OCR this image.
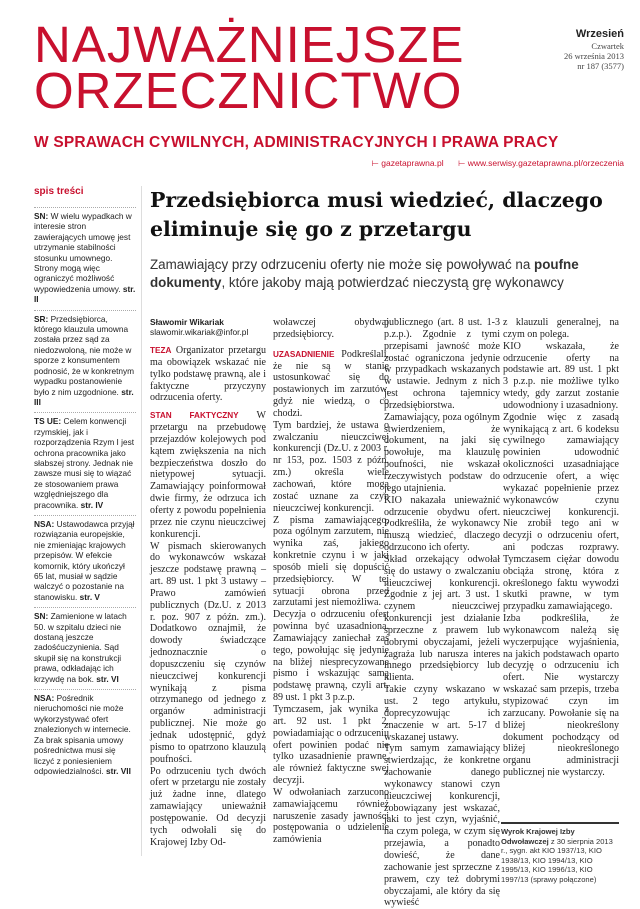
NAJWAŻNIEJSZE
ORZECZNICTWO
W SPRAWACH CYWILNYCH, ADMINISTRACYJNYCH I PRAWA PRACY
Wrzesień
Czwartek
26 września 2013
nr 187 (3577)
⊢ gazetaprawna.pl ⊢ www.serwisy.gazetaprawna.pl/orzeczenia
spis treści
SN: W wielu wypadkach w interesie stron zawierających umowę jest utrzymanie stabilności stosunku umownego. Strony mogą więc ograniczyć możliwość wypowiedzenia umowy. str. II
SR: Przedsiębiorca, którego klauzula umowna została przez sąd za niedozwoloną, nie może w sporze z konsumentem podnosić, że w konkretnym wypadku postanowienie było z nim uzgodnione. str. III
TS UE: Celem konwencji rzymskiej, jak i rozporządzenia Rzym I jest ochrona pracownika jako słabszej strony. Jednak nie zawsze musi się to wiązać ze stosowaniem prawa względniejszego dla pracownika. str. IV
NSA: Ustawodawca przyjął rozwiązania europejskie, nie zmieniając krajowych przepisów. W efekcie komornik, który ukończył 65 lat, musiał w sądzie walczyć o pozostanie na stanowisku. str. V
SN: Zamienione w latach 50. w szpitalu dzieci nie dostaną jeszcze zadośćuczynienia. Sąd skupił się na konstrukcji prawa, odkładając ich krzywdę na bok. str. VI
NSA: Pośrednik nieruchomości nie może wykorzystywać ofert znalezionych w internecie. Za brak spisania umowy pośrednictwa musi się liczyć z poniesieniem odpowiedzialności. str. VII
Przedsiębiorca musi wiedzieć, dlaczego eliminuje się go z przetargu
Zamawiający przy odrzuceniu oferty nie może się powoływać na poufne dokumenty, które jakoby mają potwierdzać nieczystą grę wykonawcy
Sławomir Wikariak
slawomir.wikariak@infor.pl

TEZA Organizator przetargu ma obowiązek wskazać nie tylko podstawę prawną, ale i faktyczne przyczyny odrzucenia oferty.

STAN FAKTYCZNY W przetargu na przebudowę przejazdów kolejowych pod kątem zwiększenia na nich bezpieczeństwa doszło do nietypowej sytuacji. Zamawiający poinformował dwie firmy, że odrzuca ich oferty z powodu popełnienia przez nie czynu nieuczciwej konkurencji.

W pismach skierowanych do wykonawców wskazał jeszcze podstawę prawną – art. 89 ust. 1 pkt 3 ustawy – Prawo zamówień publicznych (Dz.U. z 2013 r. poz. 907 z późn. zm.). Dodatkowo oznajmił, że dowody świadczące jednoznacznie o dopuszczeniu się czynów nieuczciwej konkurencji wynikają z pisma otrzymanego od jednego z organów administracji publicznej. Nie może go jednak udostępnić, gdyż pismo to opatrzono klauzulą poufności.

Po odrzuceniu tych dwóch ofert w przetargu nie zostały już żadne inne, dlatego zamawiający unieważnił postępowanie. Od decyzji tych odwołali się do Krajowej Izby Od-

woławczej obydwaj przedsiębiorcy.

UZASADNIENIE Podkreślali, że nie są w stanie ustosunkować się do postawionych im zarzutów, gdyż nie wiedzą, o co chodzi.

Tym bardziej, że ustawa o zwalczaniu nieuczciwej konkurencji (Dz.U. z 2003 r. nr 153, poz. 1503 z późn. zm.) określa wiele zachowań, które mogą zostać uznane za czyn nieuczciwej konkurencji.

Z pisma zamawiającego, poza ogólnym zarzutem, nie wynika zaś, jakiego konkretnie czynu i w jaki sposób mieli się dopuścić przedsiębiorcy. W tej sytuacji obrona przed zarzutami jest niemożliwa.

Decyzja o odrzuceniu ofert powinna być uzasadniona. Zamawiający zaniechał zaś tego, powołując się jedynie na bliżej niesprecyzowane pismo i wskazując samą podstawę prawną, czyli art. 89 ust. 1 pkt 3 p.z.p.

Tymczasem, jak wynika z art. 92 ust. 1 pkt 2, powiadamiając o odrzuceniu ofert powinien podać nie tylko uzasadnienie prawne, ale również faktyczne swej decyzji.

W odwołaniach zarzucono zamawiającemu również naruszenie zasady jawności postępowania o udzielenie zamówienia

publicznego (art. 8 ust. 1-3 p.z.p.). Zgodnie z tymi przepisami jawność może zostać ograniczona jedynie w przypadkach wskazanych w ustawie. Jednym z nich jest ochrona tajemnicy przedsiębiorstwa. Zamawiający, poza ogólnym stwierdzeniem, że dokument, na jaki się powołuje, ma klauzulę poufności, nie wskazał rzeczywistych podstaw do jego utajnienia.

KIO nakazała unieważnić odrzucenie obydwu ofert. Podkreśliła, że wykonawcy muszą wiedzieć, dlaczego odrzucono ich oferty.

Skład orzekający odwołał się do ustawy o zwalczaniu nieuczciwej konkurencji. Zgodnie z jej art. 3 ust. 1 czynem nieuczciwej konkurencji jest działanie sprzeczne z prawem lub dobrymi obyczajami, jeżeli zagraża lub narusza interes innego przedsiębiorcy lub klienta.

Takie czyny wskazano w ust. 2 tego artykułu, doprecyzowując ich znaczenie w art. 5-17 d wskazanej ustawy.

Tym samym zamawiający stwierdzając, że konkretne zachowanie danego wykonawcy stanowi czyn nieuczciwej konkurencji, zobowiązany jest wskazać, jaki to jest czyn, wyjaśnić, na czym polega, w czym się przejawia, a ponadto dowieść, że dane zachowanie jest sprzeczne z prawem, czy też dobrymi obyczajami, ale który da się wywieść

z klauzuli generalnej, na czym on polega.

KIO wskazała, że odrzucenie oferty na podstawie art. 89 ust. 1 pkt 3 p.z.p. nie możliwe tylko wtedy, gdy zarzut zostanie udowodniony i uzasadniony.

Zgodnie więc z zasadą wynikającą z art. 6 kodeksu cywilnego zamawiający powinien udowodnić okoliczności uzasadniające odrzucenie ofert, a więc wykazać popełnienie przez wykonawców czynu nieuczciwej konkurencji. Nie zrobił tego ani w decyzji o odrzuceniu ofert, ani podczas rozprawy. Tymczasem ciężar dowodu obciąża stronę, która z określonego faktu wywodzi skutki prawne, w tym przypadku zamawiającego.

Izba podkreśliła, że wykonawcom należą się wyczerpujące wyjaśnienia, na jakich podstawach oparto decyzję o odrzuceniu ich ofert. Nie wystarczy wskazać sam przepis, trzeba stypizować czyn im zarzucany. Powołanie się na bliżej nieokreślony dokument pochodzący od bliżej nieokreślonego organu administracji publicznej nie wystarczy.

Wyrok Krajowej Izby Odwoławczej z 30 sierpnia 2013 r., sygn. akt KIO 1937/13, KIO 1938/13, KIO 1994/13, KIO 1995/13, KIO 1996/13, KIO 1997/13 (sprawy połączone)
